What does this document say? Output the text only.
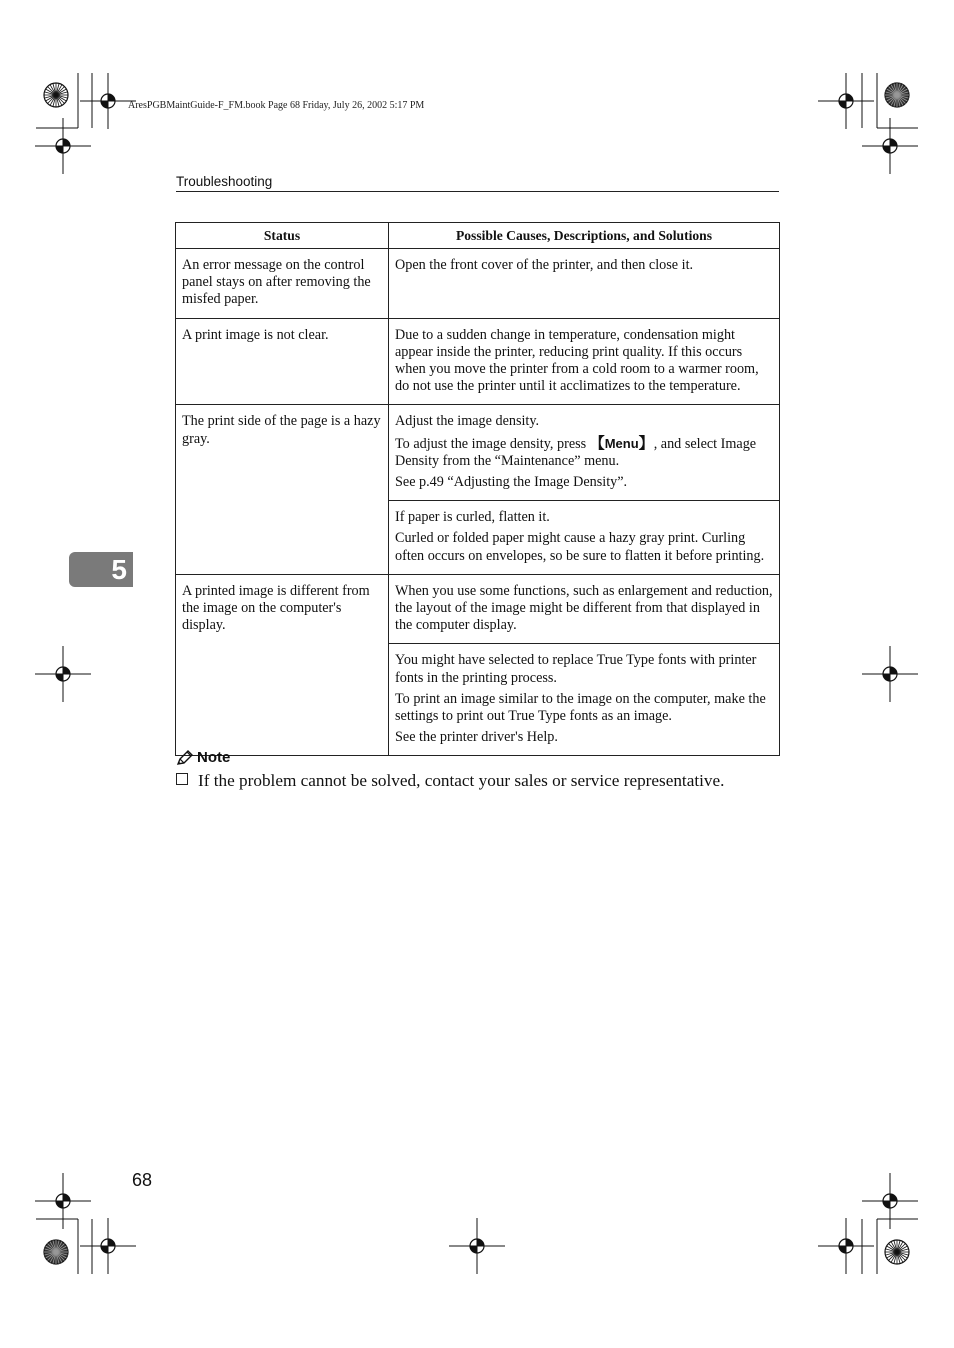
AresPGBMaintGuide-F_FM.book Page 68 Friday, July 26, 2002 5:17 PM
Troubleshooting
Status	Possible Causes, Descriptions, and Solutions

An error message on the control panel stays on after removing the misfed paper.	Open the front cover of the printer, and then close it.

A print image is not clear.	Due to a sudden change in temperature, condensation might appear inside the printer, reducing print quality. If this occurs when you move the printer from a cold room to a warmer room, do not use the printer until it acclimatizes to the temperature.

The print side of the page is a hazy gray.	Adjust the image density.

To adjust the image density, press 【Menu】, and select Image Density from the “Maintenance” menu.

See p.49 “Adjusting the Image Density”.

	If paper is curled, flatten it.

Curled or folded paper might cause a hazy gray print. Curling often occurs on envelopes, so be sure to flatten it before printing.

A printed image is different from the image on the computer's display.	When you use some functions, such as enlargement and reduction, the layout of the image might be different from that displayed in the computer display.

	You might have selected to replace True Type fonts with printer fonts in the printing process.

To print an image similar to the image on the computer, make the settings to print out True Type fonts as an image.

See the printer driver's Help.

5
Note
If the problem cannot be solved, contact your sales or service representative.
68
